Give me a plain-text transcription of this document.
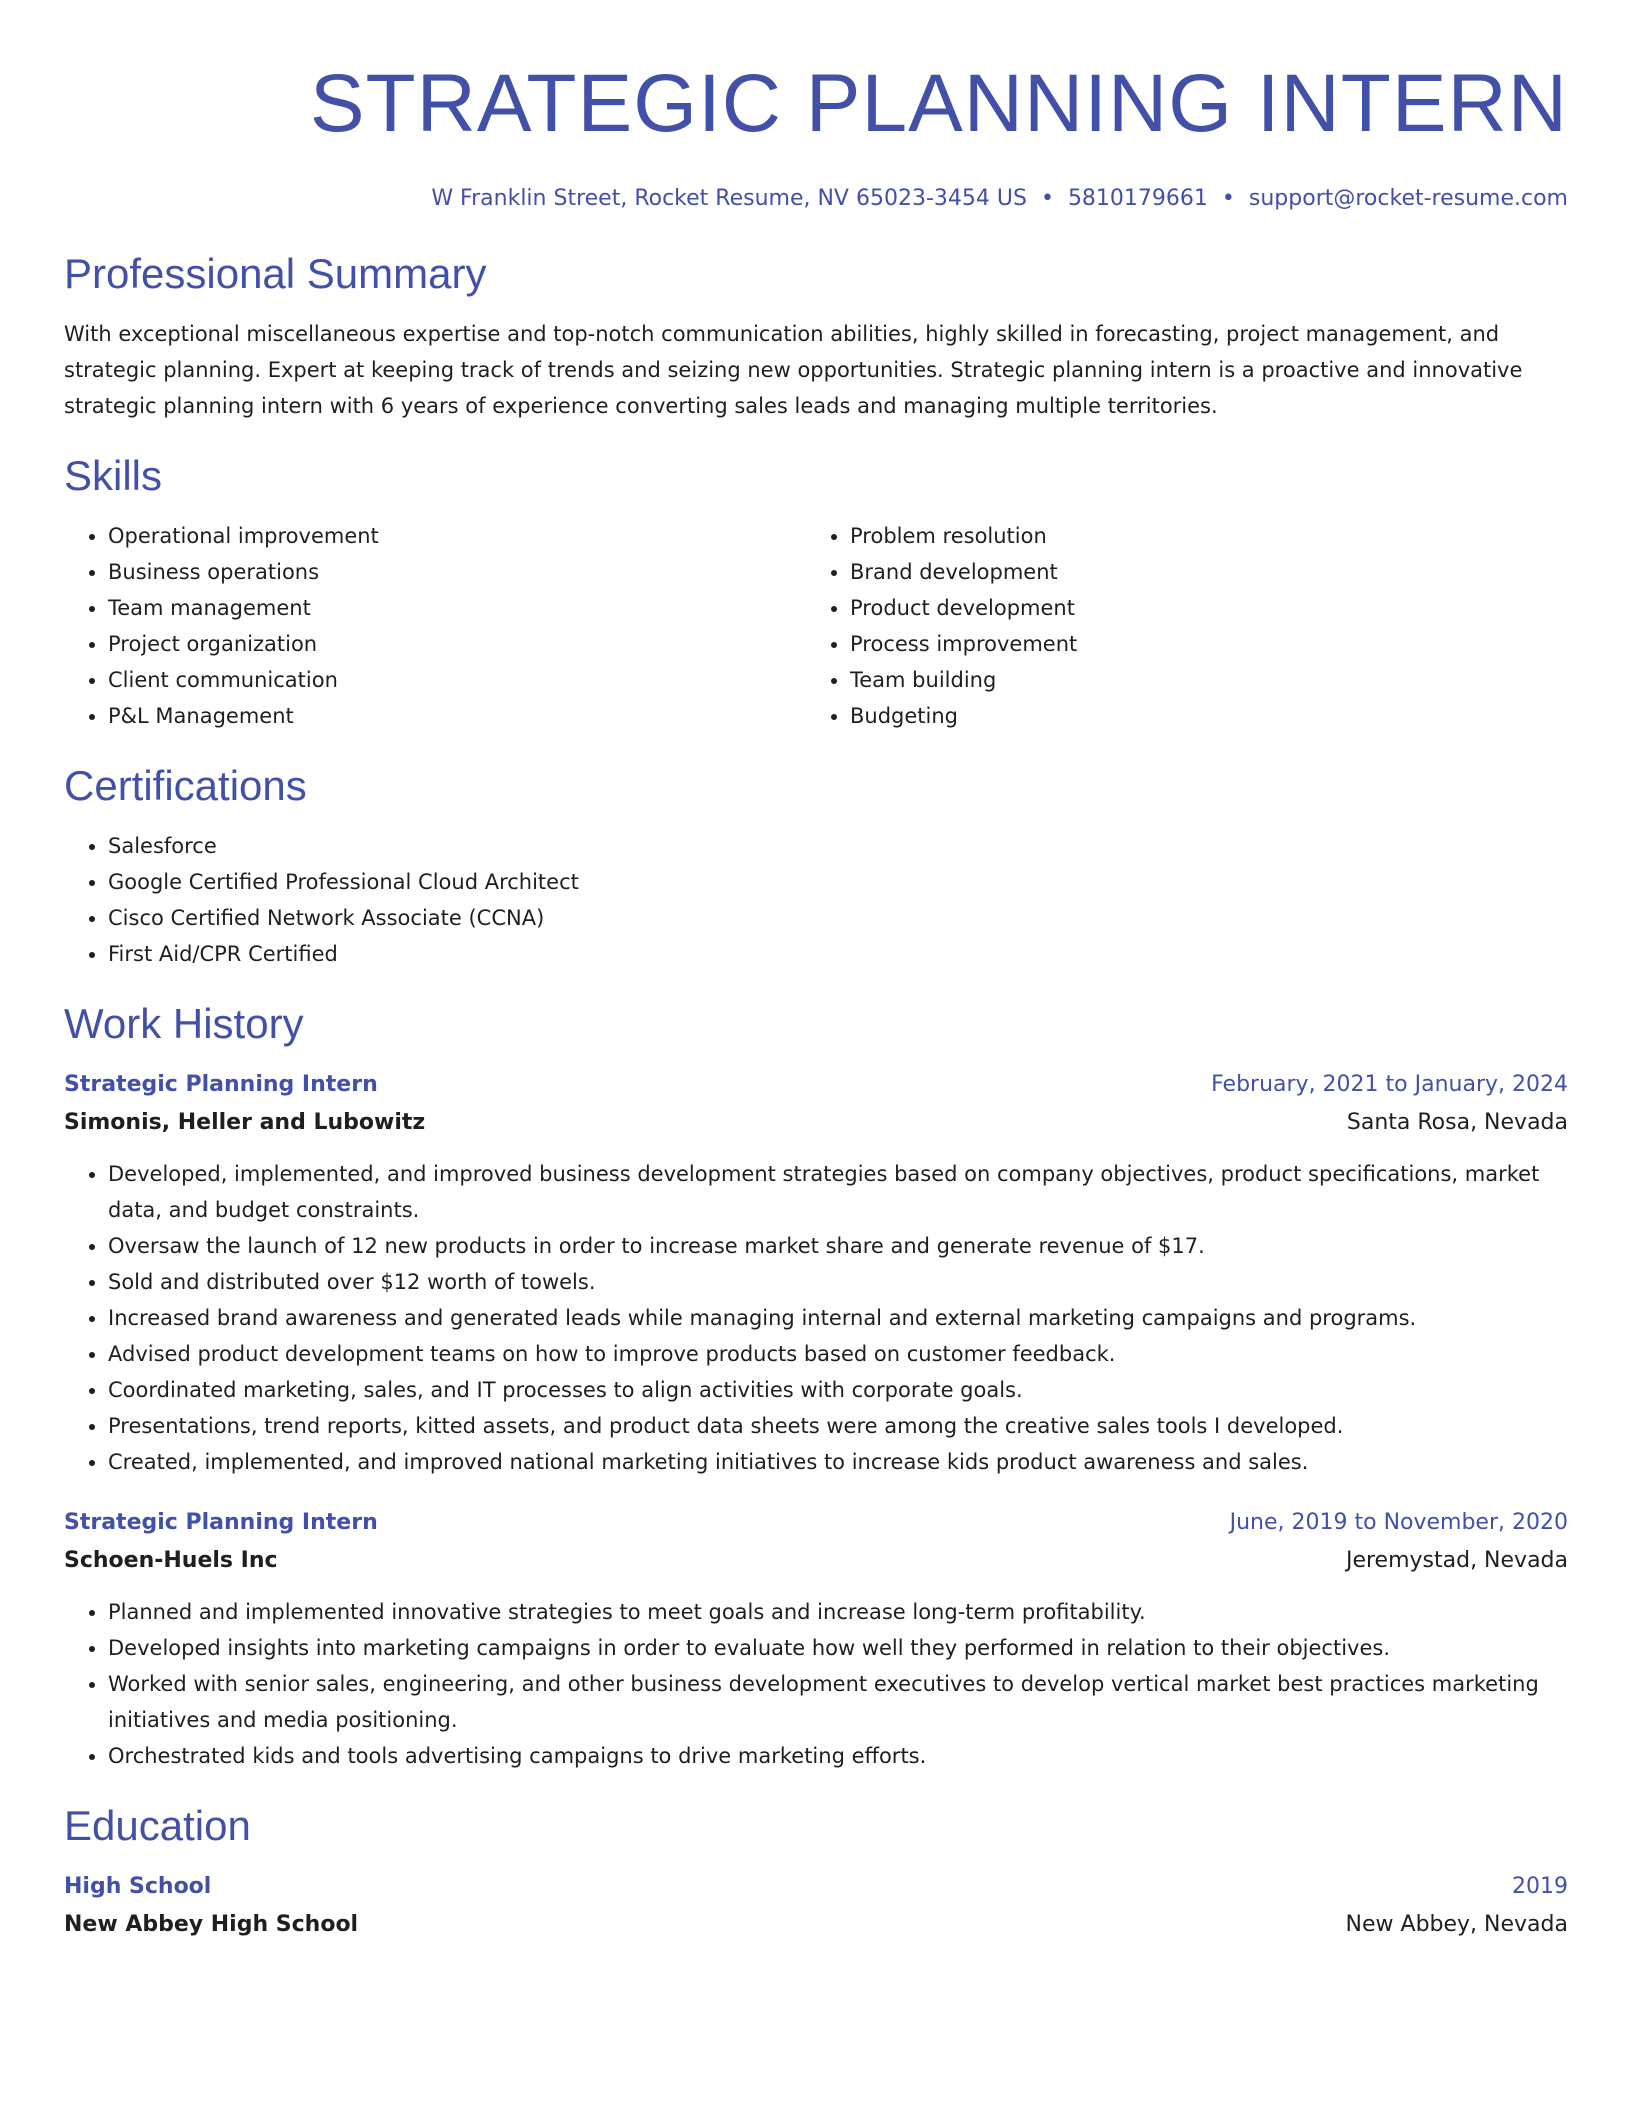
STRATEGIC PLANNING INTERN
W Franklin Street, Rocket Resume, NV 65023-3454 US • 5810179661 • support@rocket-resume.com
Professional Summary

With exceptional miscellaneous expertise and top-notch communication abilities, highly skilled in forecasting, project management, and strategic planning. Expert at keeping track of trends and seizing new opportunities. Strategic planning intern is a proactive and innovative strategic planning intern with 6 years of experience converting sales leads and managing multiple territories.

Skills
• Operational improvement
• Business operations
• Team management
• Project organization
• Client communication
• P&L Management
• Problem resolution
• Brand development
• Product development
• Process improvement
• Team building
• Budgeting
Certifications
• Salesforce
• Google Certified Professional Cloud Architect
• Cisco Certified Network Associate (CCNA)
• First Aid/CPR Certified
Work History
Strategic Planning Intern	February, 2021 to January, 2024
Simonis, Heller and Lubowitz	Santa Rosa, Nevada
• Developed, implemented, and improved business development strategies based on company objectives, product specifications, market data, and budget constraints.
• Oversaw the launch of 12 new products in order to increase market share and generate revenue of $17.
• Sold and distributed over $12 worth of towels.
• Increased brand awareness and generated leads while managing internal and external marketing campaigns and programs.
• Advised product development teams on how to improve products based on customer feedback.
• Coordinated marketing, sales, and IT processes to align activities with corporate goals.
• Presentations, trend reports, kitted assets, and product data sheets were among the creative sales tools I developed.
• Created, implemented, and improved national marketing initiatives to increase kids product awareness and sales.
Strategic Planning Intern	June, 2019 to November, 2020
Schoen-Huels Inc	Jeremystad, Nevada
• Planned and implemented innovative strategies to meet goals and increase long-term profitability.
• Developed insights into marketing campaigns in order to evaluate how well they performed in relation to their objectives.
• Worked with senior sales, engineering, and other business development executives to develop vertical market best practices marketing initiatives and media positioning.
• Orchestrated kids and tools advertising campaigns to drive marketing efforts.
Education
High School	2019
New Abbey High School	New Abbey, Nevada
